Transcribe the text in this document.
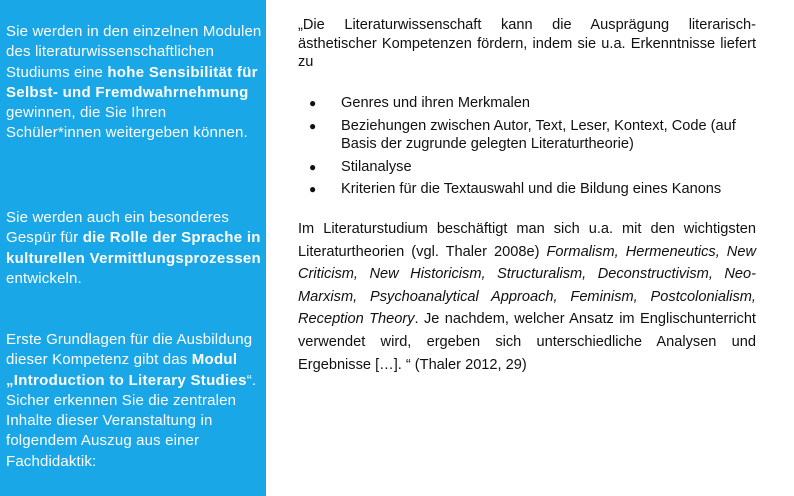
Sie werden in den einzelnen Modulen des literaturwissenschaftlichen Studiums eine hohe Sensibilität für Selbst- und Fremdwahrnehmung gewinnen, die Sie Ihren Schüler*innen weitergeben können.
Sie werden auch ein besonderes Gespür für die Rolle der Sprache in kulturellen Vermittlungsprozessen entwickeln.
Erste Grundlagen für die Ausbildung dieser Kompetenz gibt das Modul „Introduction to Literary Studies“. Sicher erkennen Sie die zentralen Inhalte dieser Veranstaltung in folgendem Auszug aus einer Fachdidaktik:
„Die Literaturwissenschaft kann die Ausprägung literarisch-ästhetischer Kompetenzen fördern, indem sie u.a. Erkenntnisse liefert zu
● Genres und ihren Merkmalen
● Beziehungen zwischen Autor, Text, Leser, Kontext, Code (auf Basis der zugrunde gelegten Literaturtheorie)
● Stilanalyse
● Kriterien für die Textauswahl und die Bildung eines Kanons
Im Literaturstudium beschäftigt man sich u.a. mit den wichtigsten Literaturtheorien (vgl. Thaler 2008e) Formalism, Hermeneutics, New Criticism, New Historicism, Structuralism, Deconstructivism, Neo-Marxism, Psychoanalytical Approach, Feminism, Postcolonialism, Reception Theory. Je nachdem, welcher Ansatz im Englischunterricht verwendet wird, ergeben sich unterschiedliche Analysen und Ergebnisse […]. “ (Thaler 2012, 29)
